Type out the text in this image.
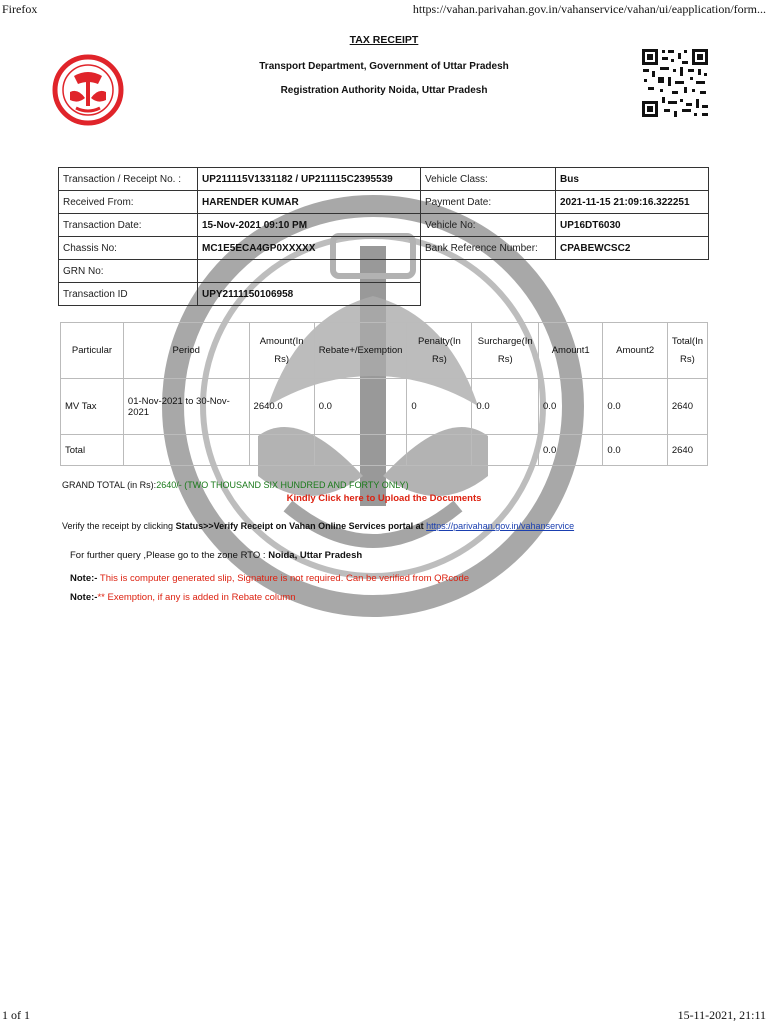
Firefox	https://vahan.parivahan.gov.in/vahanservice/vahan/ui/eapplication/form...
1 of 1	15-11-2021, 21:11
TAX RECEIPT
Transport Department, Government of Uttar Pradesh
Registration Authority Noida, Uttar Pradesh
Transaction / Receipt No. :	UP211115V1331182 / UP211115C2395539	Vehicle Class:	Bus
Received From:	HARENDER KUMAR	Payment Date:	2021-11-15 21:09:16.322251
Transaction Date:	15-Nov-2021 09:10 PM	Vehicle No:	UP16DT6030
Chassis No:	MC1E5ECA4GP0XXXXX	Bank Reference Number:	CPABEWCSC2
GRN No:			
Transaction ID	UPY2111150106958		
Particular	Period	Amount(In Rs)	Rebate+/Exemption	Penalty(In Rs)	Surcharge(In Rs)	Amount1	Amount2	Total(In Rs)
MV Tax	01-Nov-2021 to 30-Nov-2021	2640.0	0.0	0	0.0	0.0	0.0	2640
Total						0.0	0.0	2640
GRAND TOTAL (in Rs):2640/- (TWO THOUSAND SIX HUNDRED AND FORTY ONLY)
Kindly Click here to Upload the Documents
Verify the receipt by clicking Status>>Verify Receipt on Vahan Online Services portal at https://parivahan.gov.in/vahanservice
For further query ,Please go to the zone RTO : Noida, Uttar Pradesh
Note:- This is computer generated slip, Signature is not required. Can be verified from QRcode
Note:-** Exemption, if any is added in Rebate column
